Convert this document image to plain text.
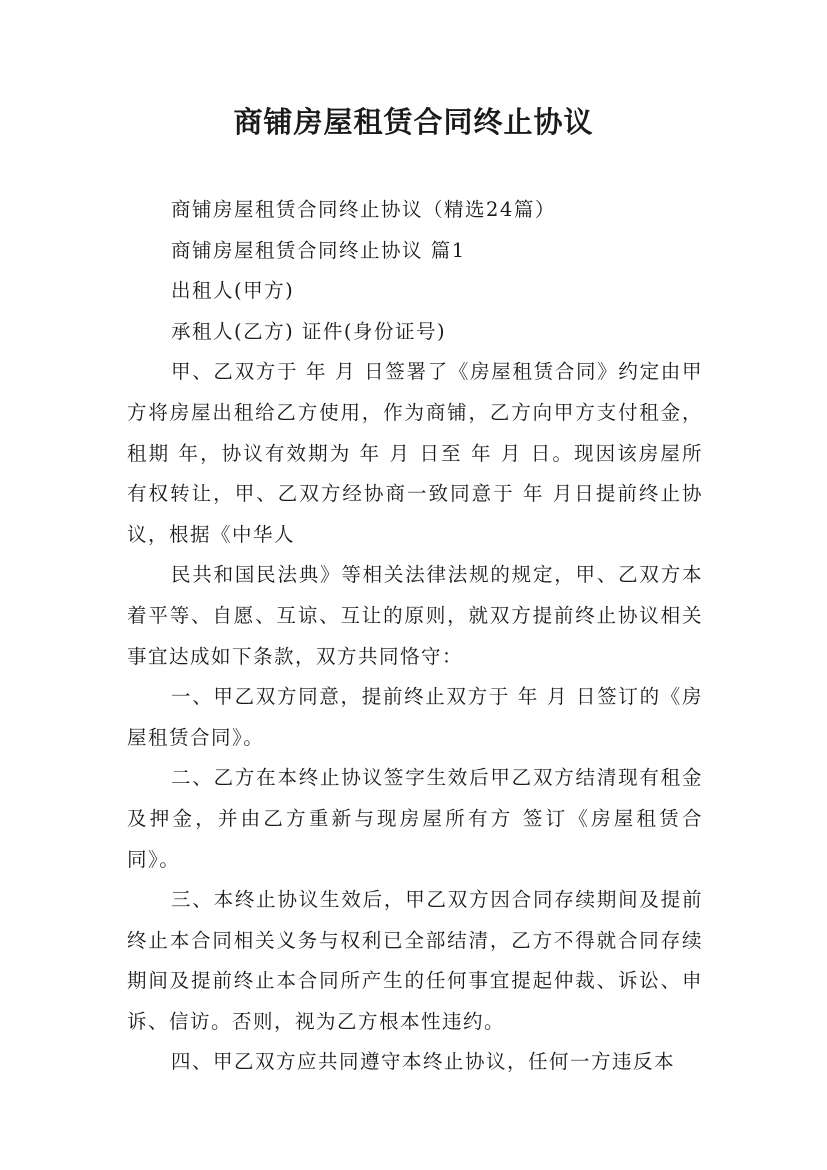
商铺房屋租赁合同终止协议

商铺房屋租赁合同终止协议（精选24篇）

商铺房屋租赁合同终止协议 篇1

出租人(甲方)

承租人(乙方) 证件(身份证号)

甲、乙双方于 年 月 日签署了《房屋租赁合同》约定由甲方将房屋出租给乙方使用，作为商铺，乙方向甲方支付租金，租期 年，协议有效期为 年 月 日至 年 月 日。现因该房屋所有权转让，甲、乙双方经协商一致同意于 年 月日提前终止协议，根据《中华人

民共和国民法典》等相关法律法规的规定，甲、乙双方本着平等、自愿、互谅、互让的原则，就双方提前终止协议相关事宜达成如下条款，双方共同恪守：

一、甲乙双方同意，提前终止双方于 年 月 日签订的《房屋租赁合同》。

二、乙方在本终止协议签字生效后甲乙双方结清现有租金及押金，并由乙方重新与现房屋所有方 签订《房屋租赁合同》。

三、本终止协议生效后，甲乙双方因合同存续期间及提前终止本合同相关义务与权利已全部结清，乙方不得就合同存续期间及提前终止本合同所产生的任何事宜提起仲裁、诉讼、申诉、信访。否则，视为乙方根本性违约。

四、甲乙双方应共同遵守本终止协议，任何一方违反本
